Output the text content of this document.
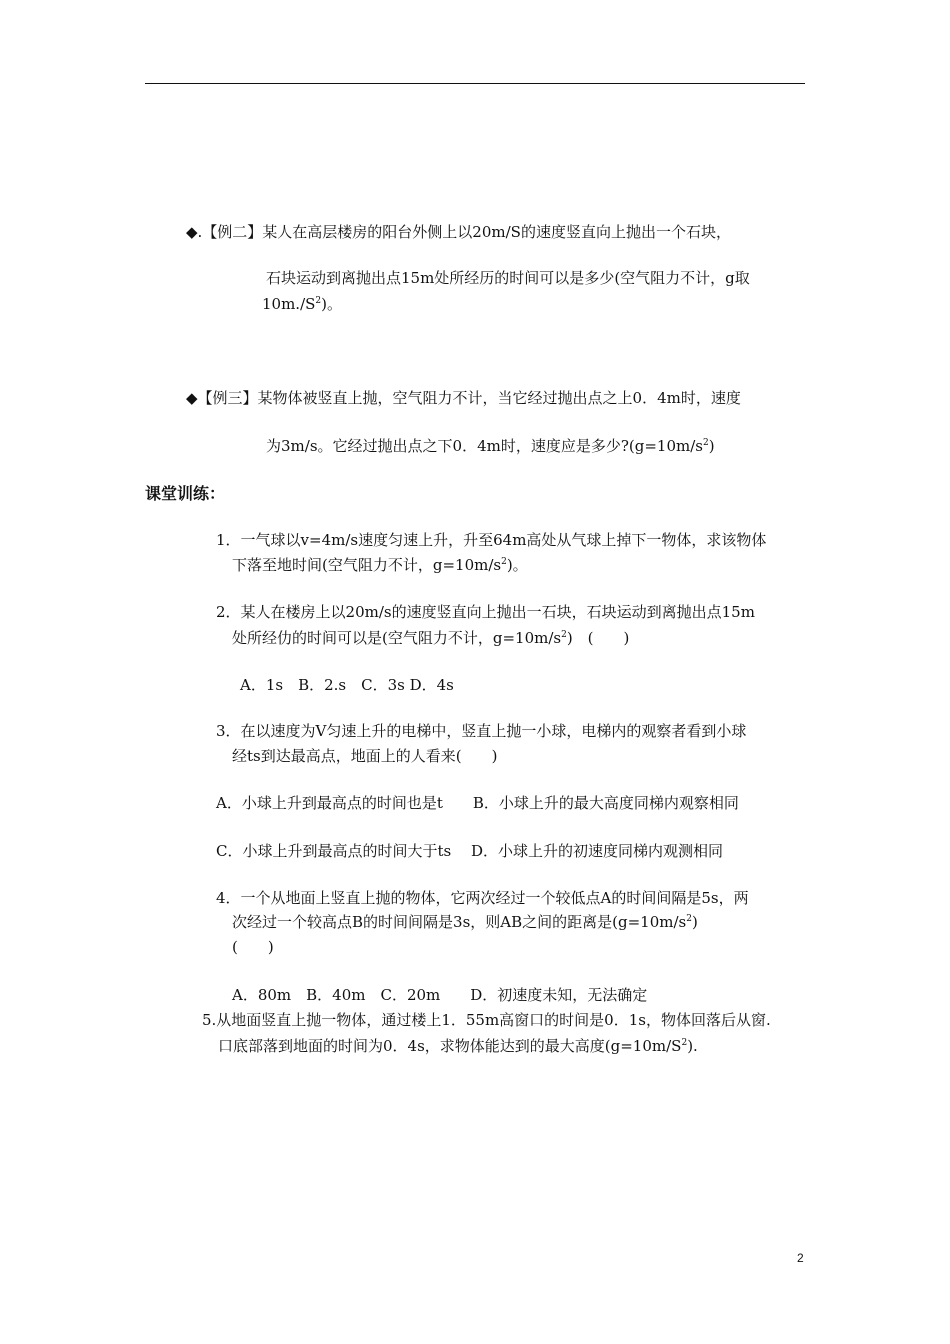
◆.【例二】某人在高层楼房的阳台外侧上以20m/S的速度竖直向上抛出一个石块，
石块运动到离抛出点15m处所经历的时间可以是多少(空气阻力不计，g取
$10m./S^2$)。
◆【例三】某物体被竖直上抛，空气阻力不计，当它经过抛出点之上0．4m时，速度
为3m/s。它经过抛出点之下0．4m时，速度应是多少$?(g=10m/s^2)$
课堂训练：
1．一气球以v=4m/s速度匀速上升，升至64m高处从气球上掉下一物体，求该物体
下落至地时间(空气阻力不计，$g=10m/s^2$)。
2．某人在楼房上以20m/s的速度竖直向上抛出一石块，石块运动到离抛出点15m
处所经仂的时间可以是(空气阻力不计，$g=10m/s^2$)　(　　)
A．1s　B．2.s　C．3s D．4s
3．在以速度为V匀速上升的电梯中，竖直上抛一小球，电梯内的观察者看到小球
经ts到达最高点，地面上的人看来(　　)
A．小球上升到最高点的时间也是t　　B．小球上升的最大高度同梯内观察相同
C．小球上升到最高点的时间大于ts　 D．小球上升的初速度同梯内观测相同
4．一个从地面上竖直上抛的物体，它两次经过一个较低点A的时间间隔是5s，两
次经过一个较高点B的时间间隔是3s，则AB之间的距离是$(g=10m/s^2)$
(　　)
A．80m　B．40m　C．20m　　D．初速度未知，无法确定
5.从地面竖直上抛一物体，通过楼上1．55m高窗口的时间是0．1s，物体回落后从窗.
口底部落到地面的时间为0．4s，求物体能达到的最大高度$(g=10m/S^2)$.
2
